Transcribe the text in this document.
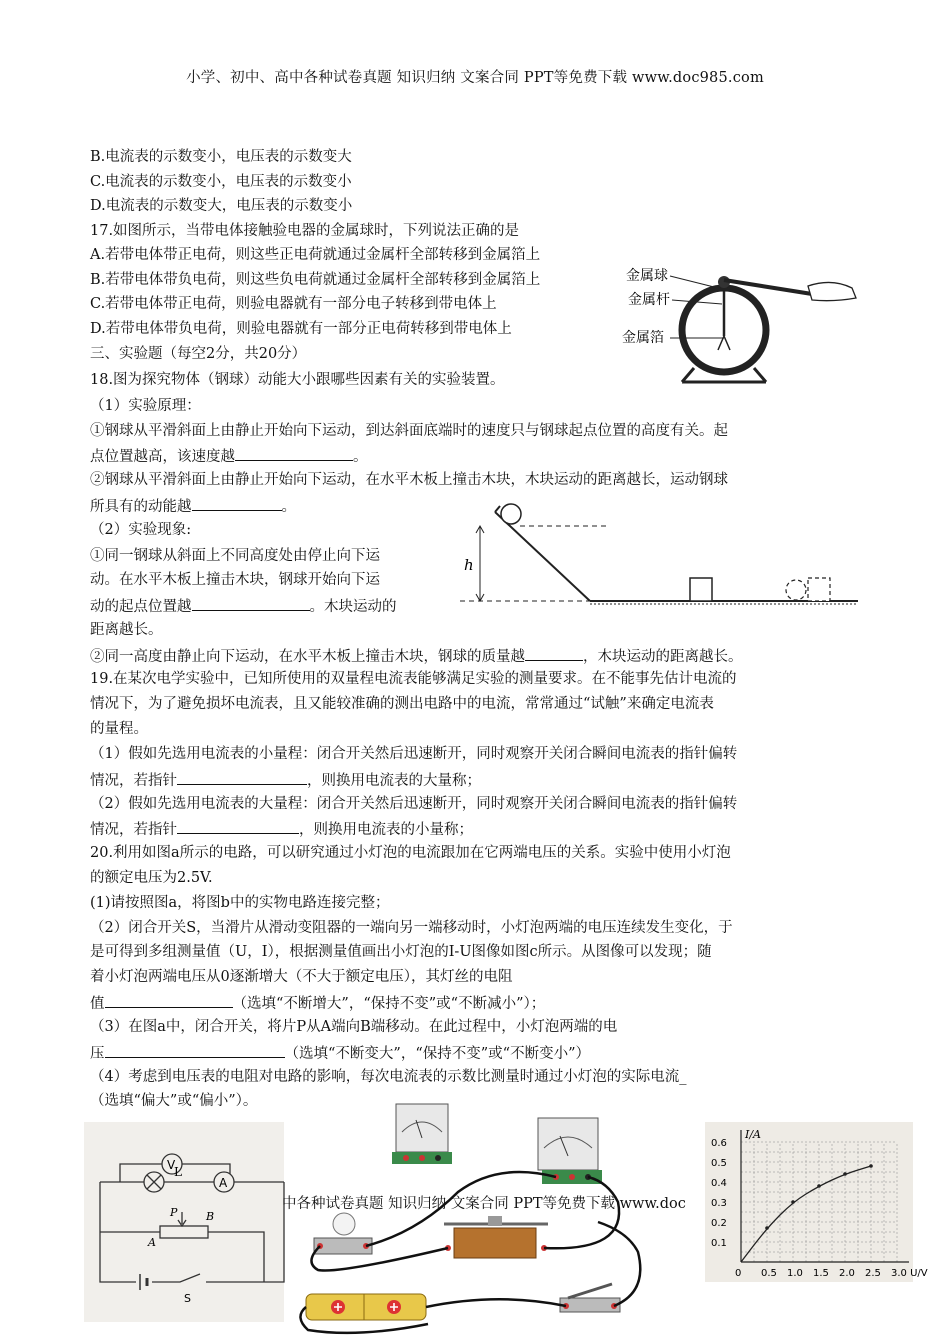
小学、初中、高中各种试卷真题 知识归纳 文案合同 PPT等免费下载 www.doc985.com
B.电流表的示数变小，电压表的示数变大
C.电流表的示数变小，电压表的示数变小
D.电流表的示数变大，电压表的示数变小
17.如图所示，当带电体接触验电器的金属球时，下列说法正确的是
A.若带电体带正电荷，则这些正电荷就通过金属杆全部转移到金属箔上
B.若带电体带负电荷，则这些负电荷就通过金属杆全部转移到金属箔上
C.若带电体带正电荷，则验电器就有一部分电子转移到带电体上
D.若带电体带负电荷，则验电器就有一部分正电荷转移到带电体上
三、实验题（每空2分，共20分）
18.图为探究物体（钢球）动能大小跟哪些因素有关的实验装置。
（1）实验原理：
①钢球从平滑斜面上由静止开始向下运动，到达斜面底端时的速度只与钢球起点位置的高度有关。起
点位置越高，该速度越	。
②钢球从平滑斜面上由静止开始向下运动，在水平木板上撞击木块，木块运动的距离越长，运动钢球
所具有的动能越	。
（2）实验现象:
①同一钢球从斜面上不同高度处由停止向下运
动。在水平木板上撞击木块，钢球开始向下运
动的起点位置越	。木块运动的
距离越长。
②同一高度由静止向下运动，在水平木板上撞击木块，钢球的质量越	，木块运动的距离越长。
19.在某次电学实验中，已知所使用的双量程电流表能够满足实验的测量要求。在不能事先估计电流的
情况下，为了避免损坏电流表，且又能较准确的测出电路中的电流，常常通过“试触”来确定电流表
的量程。
（1）假如先选用电流表的小量程：闭合开关然后迅速断开，同时观察开关闭合瞬间电流表的指针偏转
情况，若指针	，则换用电流表的大量称；
（2）假如先选用电流表的大量程：闭合开关然后迅速断开，同时观察开关闭合瞬间电流表的指针偏转
情况，若指针	，则换用电流表的小量称；
20.利用如图a所示的电路，可以研究通过小灯泡的电流跟加在它两端电压的关系。实验中使用小灯泡
的额定电压为2.5V.
(1)请按照图a，将图b中的实物电路连接完整；
（2）闭合开关S，当滑片从滑动变阻器的一端向另一端移动时，小灯泡两端的电压连续发生变化，于
是可得到多组测量值（U，I），根据测量值画出小灯泡的I-U图像如图c所示。从图像可以发现；随
着小灯泡两端电压从0逐渐增大（不大于额定电压），其灯丝的电阻
值	（选填“不断增大”，“保持不变”或“不断减小”）；
（3）在图a中，闭合开关，将片P从A端向B端移动。在此过程中，小灯泡两端的电
压	（选填“不断变大”，“保持不变”或“不断变小”）
（4）考虑到电压表的电阻对电路的影响，每次电流表的示数比测量时通过小灯泡的实际电流_
（选填“偏大”或“偏小”）。
金属球
金属杆
金属箔
h
V
L
A
S
P
A
B
中各种试卷真题 知识归纳 文案合同 PPT等免费下载 www.doc
I/A
0.6
0.5
0.4
0.3
0.2
0.1
0 0.5 1.0 1.5 2.0 2.5 3.0 U/V
